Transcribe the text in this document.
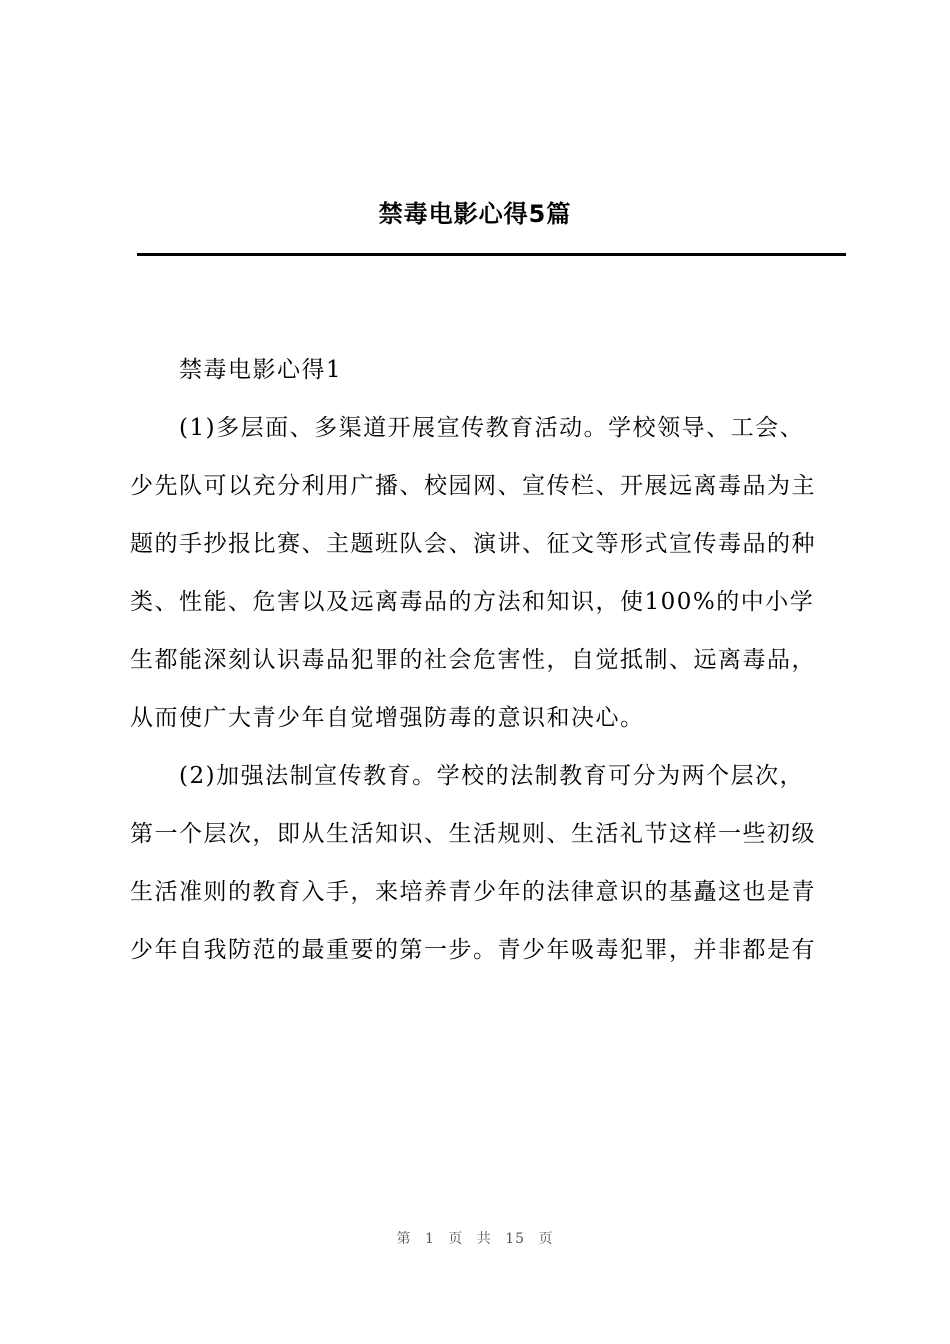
禁毒电影心得5篇
禁毒电影心得1
(1)多层面、多渠道开展宣传教育活动。学校领导、工会、
少先队可以充分利用广播、校园网、宣传栏、开展远离毒品为主
题的手抄报比赛、主题班队会、演讲、征文等形式宣传毒品的种
类、性能、危害以及远离毒品的方法和知识，使100%的中小学
生都能深刻认识毒品犯罪的社会危害性，自觉抵制、远离毒品，
从而使广大青少年自觉增强防毒的意识和决心。
(2)加强法制宣传教育。学校的法制教育可分为两个层次，
第一个层次，即从生活知识、生活规则、生活礼节这样一些初级
生活准则的教育入手，来培养青少年的法律意识的基矗这也是青
少年自我防范的最重要的第一步。青少年吸毒犯罪，并非都是有
第 1 页 共 15 页
